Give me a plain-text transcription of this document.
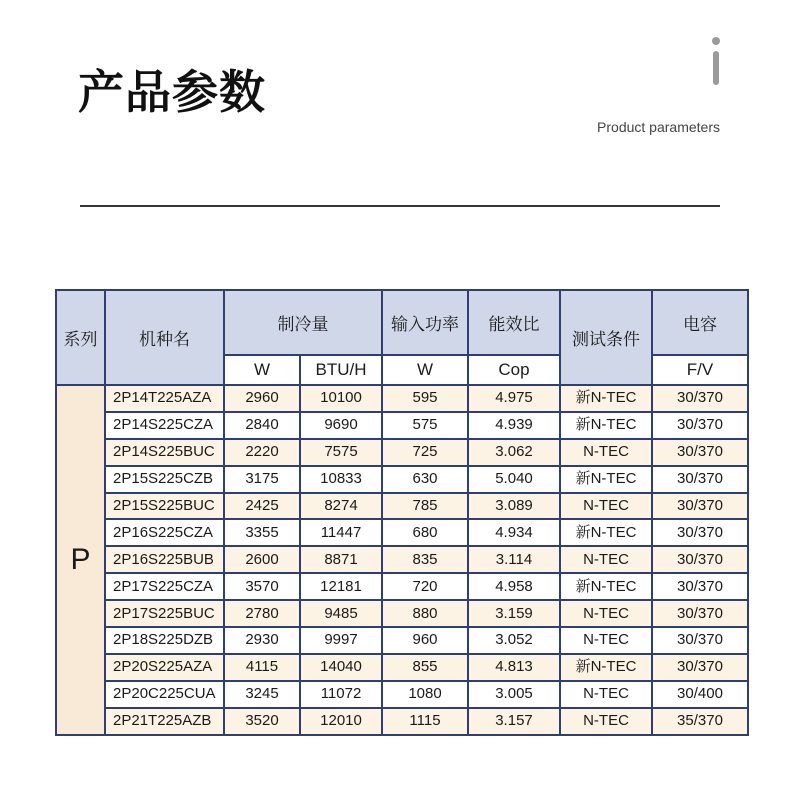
产品参数
Product parameters
系列	机种名	制冷量		输入功率	能效比	测试条件	电容
		W	BTU/H	W	Cop		F/V
P	2P14T225AZA	2960	10100	595	4.975	新N-TEC	30/370
	2P14S225CZA	2840	9690	575	4.939	新N-TEC	30/370
	2P14S225BUC	2220	7575	725	3.062	N-TEC	30/370
	2P15S225CZB	3175	10833	630	5.040	新N-TEC	30/370
	2P15S225BUC	2425	8274	785	3.089	N-TEC	30/370
	2P16S225CZA	3355	11447	680	4.934	新N-TEC	30/370
	2P16S225BUB	2600	8871	835	3.114	N-TEC	30/370
	2P17S225CZA	3570	12181	720	4.958	新N-TEC	30/370
	2P17S225BUC	2780	9485	880	3.159	N-TEC	30/370
	2P18S225DZB	2930	9997	960	3.052	N-TEC	30/370
	2P20S225AZA	4115	14040	855	4.813	新N-TEC	30/370
	2P20C225CUA	3245	11072	1080	3.005	N-TEC	30/400
	2P21T225AZB	3520	12010	1115	3.157	N-TEC	35/370
